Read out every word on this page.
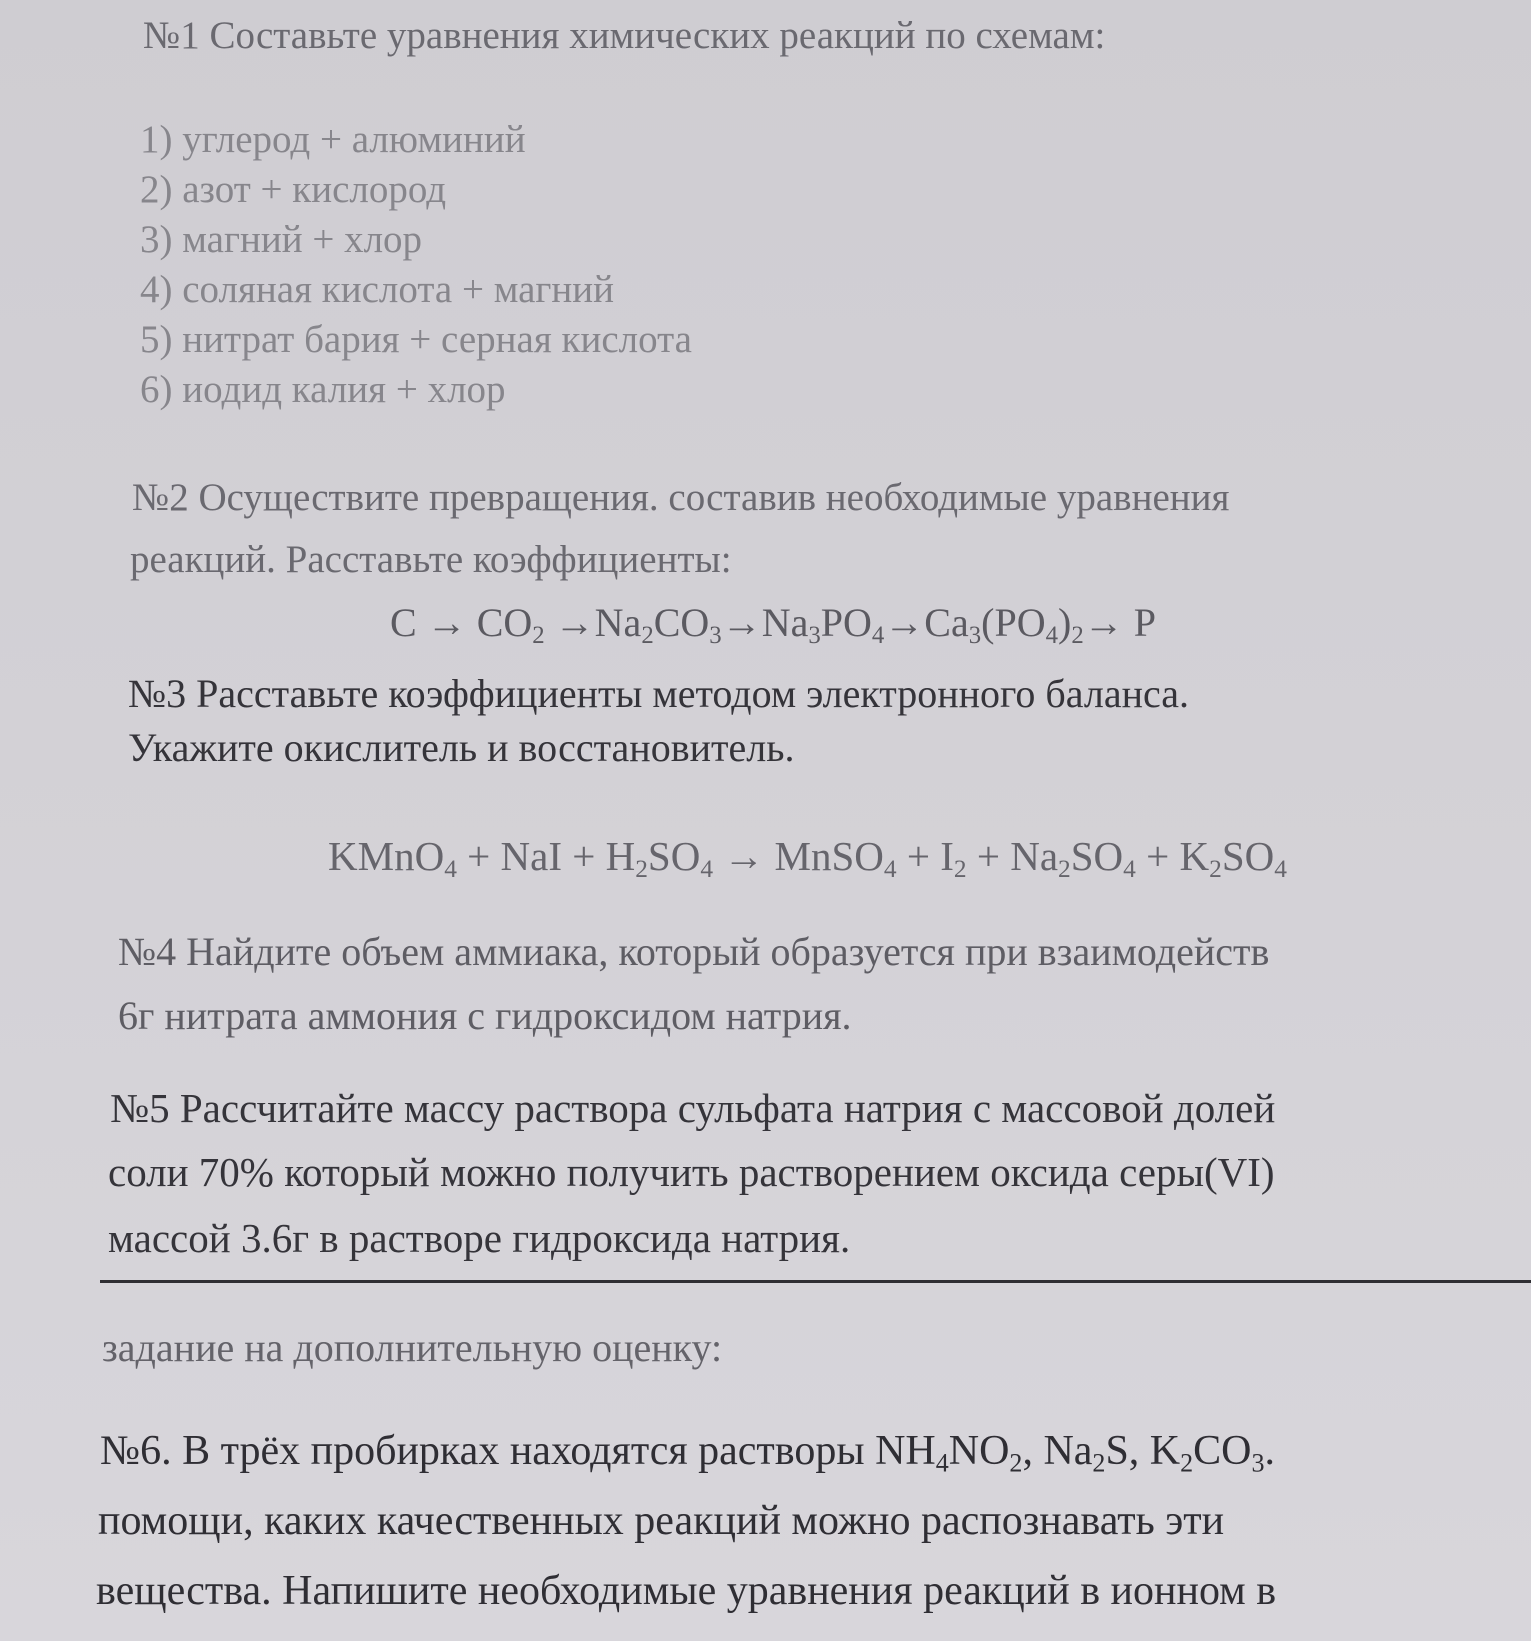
№1 Составьте уравнения химических реакций по схемам:
1) углерод + алюминий
2) азот + кислород
3) магний + хлор
4) соляная кислота + магний
5) нитрат бария + серная кислота
6) иодид калия + хлор
№2 Осуществите превращения. составив необходимые уравнения
реакций. Расставьте коэффициенты:
$C \to CO_2 \to Na_2CO_3\to Na_3PO_4\to Ca_3(PO_4)_2\to P$
№3 Расставьте коэффициенты методом электронного баланса.
Укажите окислитель и восстановитель.
KMnO$_4$ + NaI + $H_2SO_4$ → MnSO$_4$ + $I_2 + Na_2SO_4 + K_2SO_4$
№4 Найдите объем аммиака, который образуется при взаимодейств
6г нитрата аммония с гидроксидом натрия.
№5 Рассчитайте массу раствора сульфата натрия с массовой долей
соли 70% который можно получить растворением оксида серы(VI)
массой 3.6г в растворе гидроксида натрия.
задание на дополнительную оценку:
№6. В трёх пробирках находятся растворы $NH_4NO_2$, $Na_2S$, $K_2CO_3$.
помощи, каких качественных реакций можно распознавать эти
вещества. Напишите необходимые уравнения реакций в ионном в
